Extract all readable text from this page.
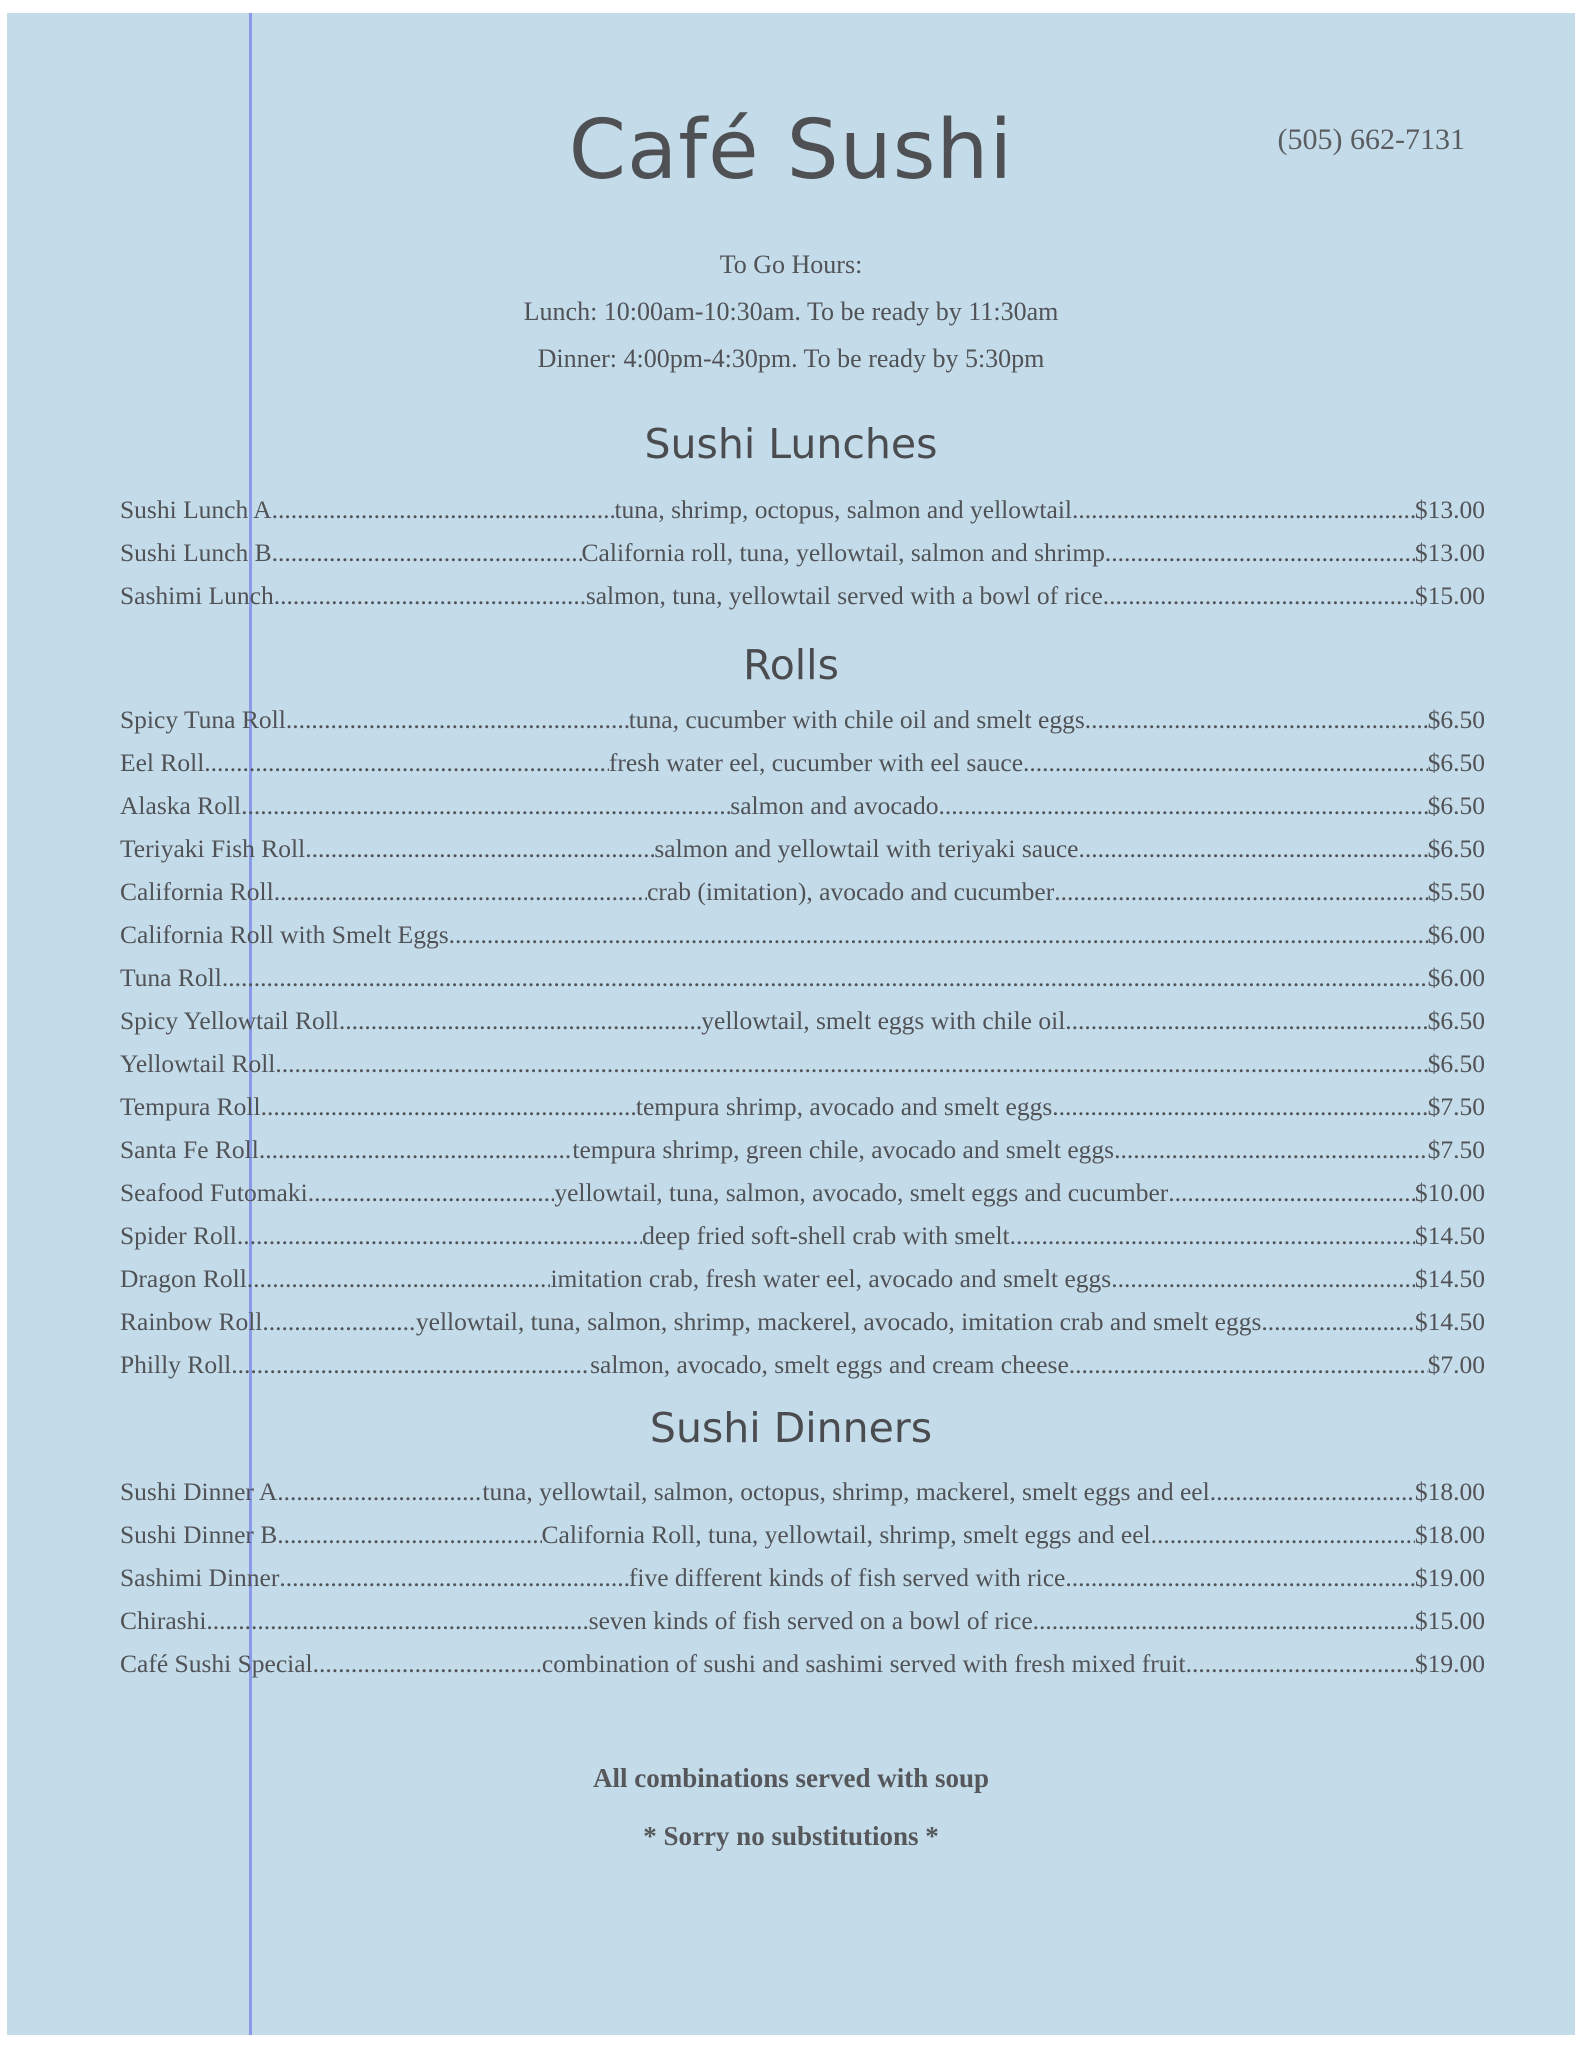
Café Sushi	(505) 662-7131
To Go Hours:
Lunch: 10:00am-10:30am. To be ready by 11:30am
Dinner: 4:00pm-4:30pm. To be ready by 5:30pm
Sushi Lunches
Sushi Lunch A .....	tuna, shrimp, octopus, salmon and yellowtail .....	$13.00
Sushi Lunch B .....	California roll, tuna, yellowtail, salmon and shrimp .....	$13.00
Sashimi Lunch .....	salmon, tuna, yellowtail served with a bowl of rice .....	$15.00
Rolls
Spicy Tuna Roll .....	tuna, cucumber with chile oil and smelt eggs .....	$6.50
Eel Roll .....	fresh water eel, cucumber with eel sauce .....	$6.50
Alaska Roll .....	salmon and avocado .....	$6.50
Teriyaki Fish Roll .....	salmon and yellowtail with teriyaki sauce .....	$6.50
California Roll .....	crab (imitation), avocado and cucumber .....	$5.50
California Roll with Smelt Eggs .....	$6.00
Tuna Roll .....	$6.00
Spicy Yellowtail Roll .....	yellowtail, smelt eggs with chile oil .....	$6.50
Yellowtail Roll .....	$6.50
Tempura Roll .....	tempura shrimp, avocado and smelt eggs .....	$7.50
Santa Fe Roll .....	tempura shrimp, green chile, avocado and smelt eggs .....	$7.50
Seafood Futomaki .....	yellowtail, tuna, salmon, avocado, smelt eggs and cucumber .....	$10.00
Spider Roll .....	deep fried soft-shell crab with smelt .....	$14.50
Dragon Roll .....	imitation crab, fresh water eel, avocado and smelt eggs .....	$14.50
Rainbow Roll .....	yellowtail, tuna, salmon, shrimp, mackerel, avocado, imitation crab and smelt eggs .....	$14.50
Philly Roll .....	salmon, avocado, smelt eggs and cream cheese .....	$7.00
Sushi Dinners
Sushi Dinner A .....	tuna, yellowtail, salmon, octopus, shrimp, mackerel, smelt eggs and eel .....	$18.00
Sushi Dinner B .....	California Roll, tuna, yellowtail, shrimp, smelt eggs and eel .....	$18.00
Sashimi Dinner .....	five different kinds of fish served with rice .....	$19.00
Chirashi .....	seven kinds of fish served on a bowl of rice .....	$15.00
Café Sushi Special .....	combination of sushi and sashimi served with fresh mixed fruit .....	$19.00
All combinations served with soup
* Sorry no substitutions *
